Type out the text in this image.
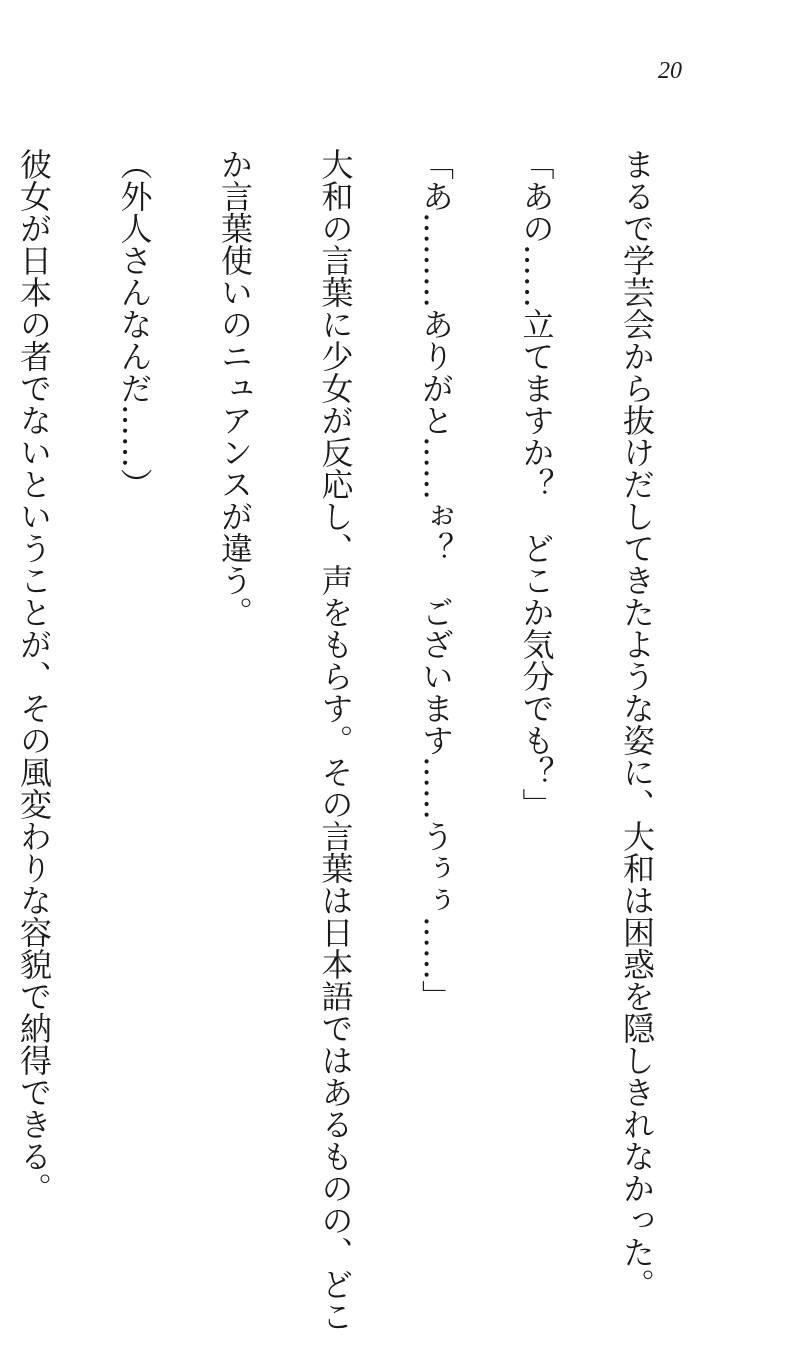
20

まるで学芸会から抜けだしてきたような姿に、大和は困惑を隠しきれなかった。

「あの……立てますか？　どこか気分でも？」

「あ………ありがと……ぉ？　ございます……うぅぅ……」

大和の言葉に少女が反応し、声をもらす。その言葉は日本語ではあるものの、どこ

か言葉使いのニュアンスが違う。

（外人さんなんだ……）

彼女が日本の者でないということが、その風変わりな容貌で納得できる。
